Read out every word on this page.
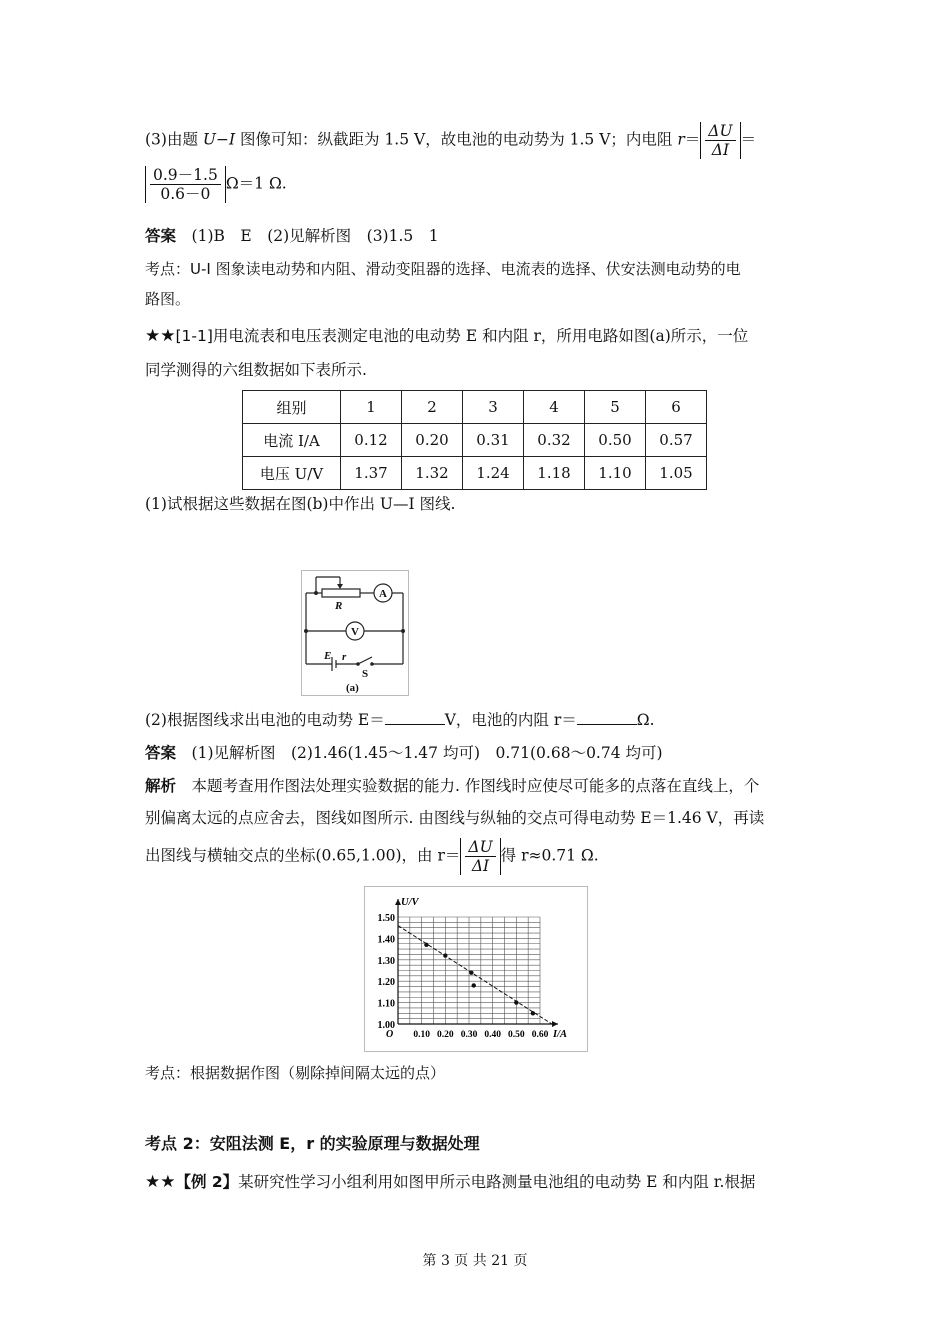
(3)由题 U−I 图像可知：纵截距为 1.5 V，故电池的电动势为 1.5 V；内电阻 $r= \frac{\Delta U}{\Delta I}$ ＝
$\frac{0.9-1.5}{0.6-0} \Omega=1$ Ω.
答案　 (1)B　E　(2)见解析图　(3)1.5　1
考点：U-I 图象读电动势和内阻、滑动变阻器的选择、电流表的选择、伏安法测电动势的电
路图。
★★[1-1]用电流表和电压表测定电池的电动势 E 和内阻 r，所用电路如图(a)所示，一位
同学测得的六组数据如下表所示.
组别	1	2	3	4	5	6
电流 I/A	0.12	0.20	0.31	0.32	0.50	0.57
电压 U/V	1.37	1.32	1.24	1.18	1.10	1.05
(1)试根据这些数据在图(b)中作出 U—I 图线.
R
A
V
E r
S
(a)
(2)根据图线求出电池的电动势 E＝	V，电池的内阻 r＝	Ω.
答案　 (1)见解析图　(2)1.46(1.45～1.47 均可)　0.71(0.68～0.74 均可)
解析　 本题考查用作图法处理实验数据的能力. 作图线时应使尽可能多的点落在直线上，个
别偏离太远的点应舍去，图线如图所示. 由图线与纵轴的交点可得电动势 E＝1.46 V，再读
出图线与横轴交点的坐标(0.65,1.00)，由 $r= \frac{\Delta U}{\Delta I}$ 得 r≈0.71 Ω.
1.00
1.10
1.20
1.30
1.40
1.50
0.10 0.20 0.30 0.40 0.50 0.60
O	I/A
U/V
考点：根据数据作图（剔除掉间隔太远的点）
考点 2：安阻法测 E，r 的实验原理与数据处理
★★【例 2】某研究性学习小组利用如图甲所示电路测量电池组的电动势 E 和内阻 r.根据
第 3 页 共 21 页
